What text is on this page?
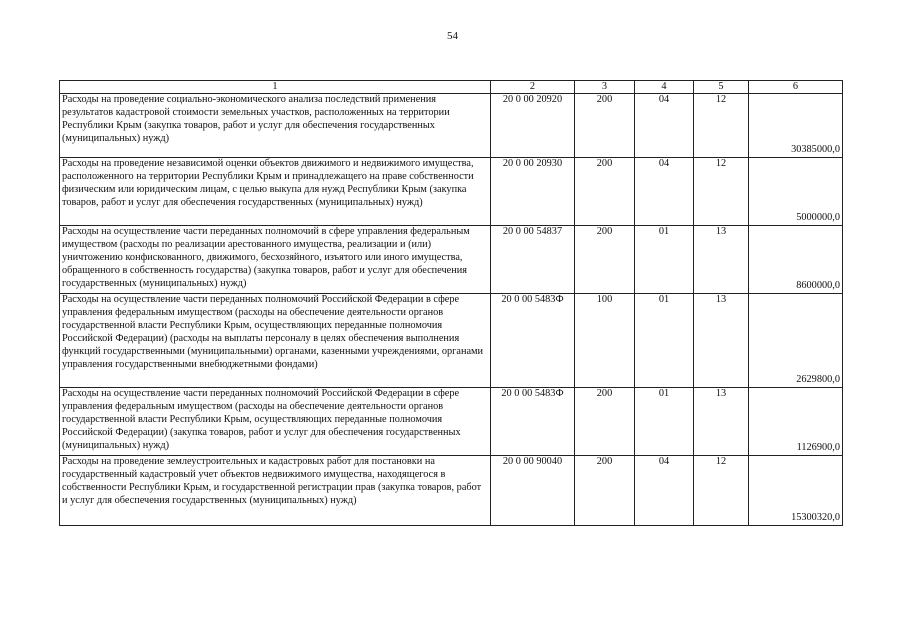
54
1	2	3	4	5	6
Расходы на проведение социально-экономического анализа последствий применения результатов кадастровой стоимости земельных участков, расположенных на территории Республики Крым (закупка товаров, работ и услуг для обеспечения государственных (муниципальных) нужд)	20 0 00 20920	200	04	12	30385000,0
Расходы на проведение независимой оценки объектов движимого и недвижимого имущества, расположенного на территории Республики Крым и принадлежащего на праве собственности физическим или юридическим лицам, с целью выкупа для нужд Республики Крым (закупка товаров, работ и услуг для обеспечения государственных (муниципальных) нужд)	20 0 00 20930	200	04	12	5000000,0
Расходы на осуществление части переданных полномочий в сфере управления федеральным имуществом (расходы по реализации арестованного имущества, реализации и (или) уничтожению конфискованного, движимого, бесхозяйного, изъятого или иного имущества, обращенного в собственность государства) (закупка товаров, работ и услуг для обеспечения государственных (муниципальных) нужд)	20 0 00 54837	200	01	13	8600000,0
Расходы на осуществление части переданных полномочий Российской Федерации в сфере управления федеральным имуществом (расходы на обеспечение деятельности органов государственной власти Республики Крым, осуществляющих переданные полномочия Российской Федерации) (расходы на выплаты персоналу в целях обеспечения выполнения функций государственными (муниципальными) органами, казенными учреждениями, органами управления государственными внебюджетными фондами)	20 0 00 5483Ф	100	01	13	2629800,0
Расходы на осуществление части переданных полномочий Российской Федерации в сфере управления федеральным имуществом (расходы на обеспечение деятельности органов государственной власти Республики Крым, осуществляющих переданные полномочия Российской Федерации) (закупка товаров, работ и услуг для обеспечения государственных (муниципальных) нужд)	20 0 00 5483Ф	200	01	13	1126900,0
Расходы на проведение землеустроительных и кадастровых работ для постановки на государственный кадастровый учет объектов недвижимого имущества, находящегося в собственности Республики Крым, и государственной регистрации прав (закупка товаров, работ и услуг для обеспечения государственных (муниципальных) нужд)	20 0 00 90040	200	04	12	15300320,0
